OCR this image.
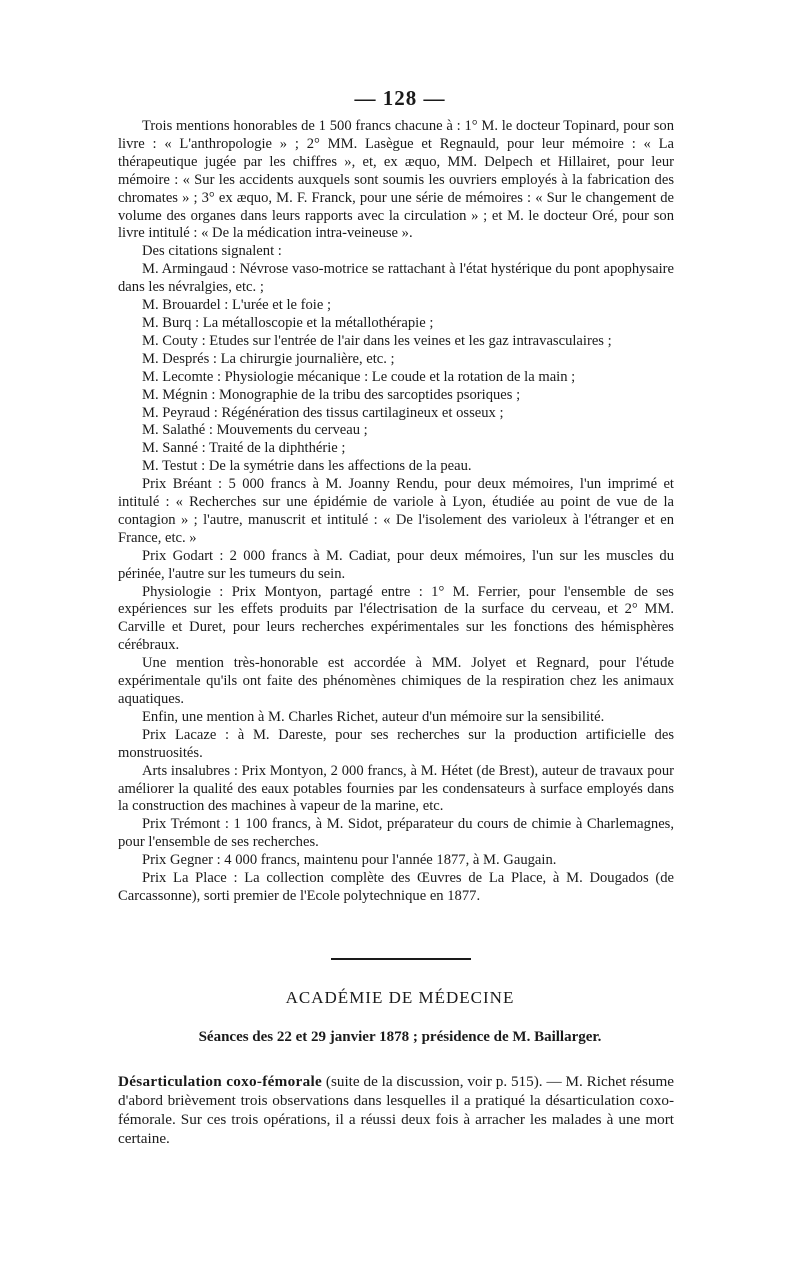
— 128 —

Trois mentions honorables de 1 500 francs chacune à : 1° M. le docteur Topinard, pour son livre : « L'anthropologie » ; 2° MM. Lasègue et Regnauld, pour leur mémoire : « La thérapeutique jugée par les chiffres », et, ex æquo, MM. Delpech et Hillairet, pour leur mémoire : « Sur les accidents auxquels sont soumis les ouvriers employés à la fabrication des chromates » ; 3° ex æquo, M. F. Franck, pour une série de mémoires : « Sur le changement de volume des organes dans leurs rapports avec la circulation » ; et M. le docteur Oré, pour son livre intitulé : « De la médication intra-veineuse ».

Des citations signalent :

M. Armingaud : Névrose vaso-motrice se rattachant à l'état hystérique du pont apophysaire dans les névralgies, etc. ;

M. Brouardel : L'urée et le foie ;

M. Burq : La métalloscopie et la métallothérapie ;

M. Couty : Etudes sur l'entrée de l'air dans les veines et les gaz intravasculaires ;

M. Després : La chirurgie journalière, etc. ;

M. Lecomte : Physiologie mécanique : Le coude et la rotation de la main ;

M. Mégnin : Monographie de la tribu des sarcoptides psoriques ;

M. Peyraud : Régénération des tissus cartilagineux et osseux ;

M. Salathé : Mouvements du cerveau ;

M. Sanné : Traité de la diphthérie ;

M. Testut : De la symétrie dans les affections de la peau.

Prix Bréant : 5 000 francs à M. Joanny Rendu, pour deux mémoires, l'un imprimé et intitulé : « Recherches sur une épidémie de variole à Lyon, étudiée au point de vue de la contagion » ; l'autre, manuscrit et intitulé : « De l'isolement des varioleux à l'étranger et en France, etc. »

Prix Godart : 2 000 francs à M. Cadiat, pour deux mémoires, l'un sur les muscles du périnée, l'autre sur les tumeurs du sein.

Physiologie : Prix Montyon, partagé entre : 1° M. Ferrier, pour l'ensemble de ses expériences sur les effets produits par l'électrisation de la surface du cerveau, et 2° MM. Carville et Duret, pour leurs recherches expérimentales sur les fonctions des hémisphères cérébraux.

Une mention très-honorable est accordée à MM. Jolyet et Regnard, pour l'étude expérimentale qu'ils ont faite des phénomènes chimiques de la respiration chez les animaux aquatiques.

Enfin, une mention à M. Charles Richet, auteur d'un mémoire sur la sensibilité.

Prix Lacaze : à M. Dareste, pour ses recherches sur la production artificielle des monstruosités.

Arts insalubres : Prix Montyon, 2 000 francs, à M. Hétet (de Brest), auteur de travaux pour améliorer la qualité des eaux potables fournies par les condensateurs à surface employés dans la construction des machines à vapeur de la marine, etc.

Prix Trémont : 1 100 francs, à M. Sidot, préparateur du cours de chimie à Charlemagnes, pour l'ensemble de ses recherches.

Prix Gegner : 4 000 francs, maintenu pour l'année 1877, à M. Gaugain.

Prix La Place : La collection complète des Œuvres de La Place, à M. Dougados (de Carcassonne), sorti premier de l'Ecole polytechnique en 1877.

ACADÉMIE DE MÉDECINE
Séances des 22 et 29 janvier 1878 ; présidence de M. Baillarger.
Désarticulation coxo-fémorale (suite de la discussion, voir p. 515). — M. Richet résume d'abord brièvement trois observations dans lesquelles il a pratiqué la désarticulation coxo-fémorale. Sur ces trois opérations, il a réussi deux fois à arracher les malades à une mort certaine.
